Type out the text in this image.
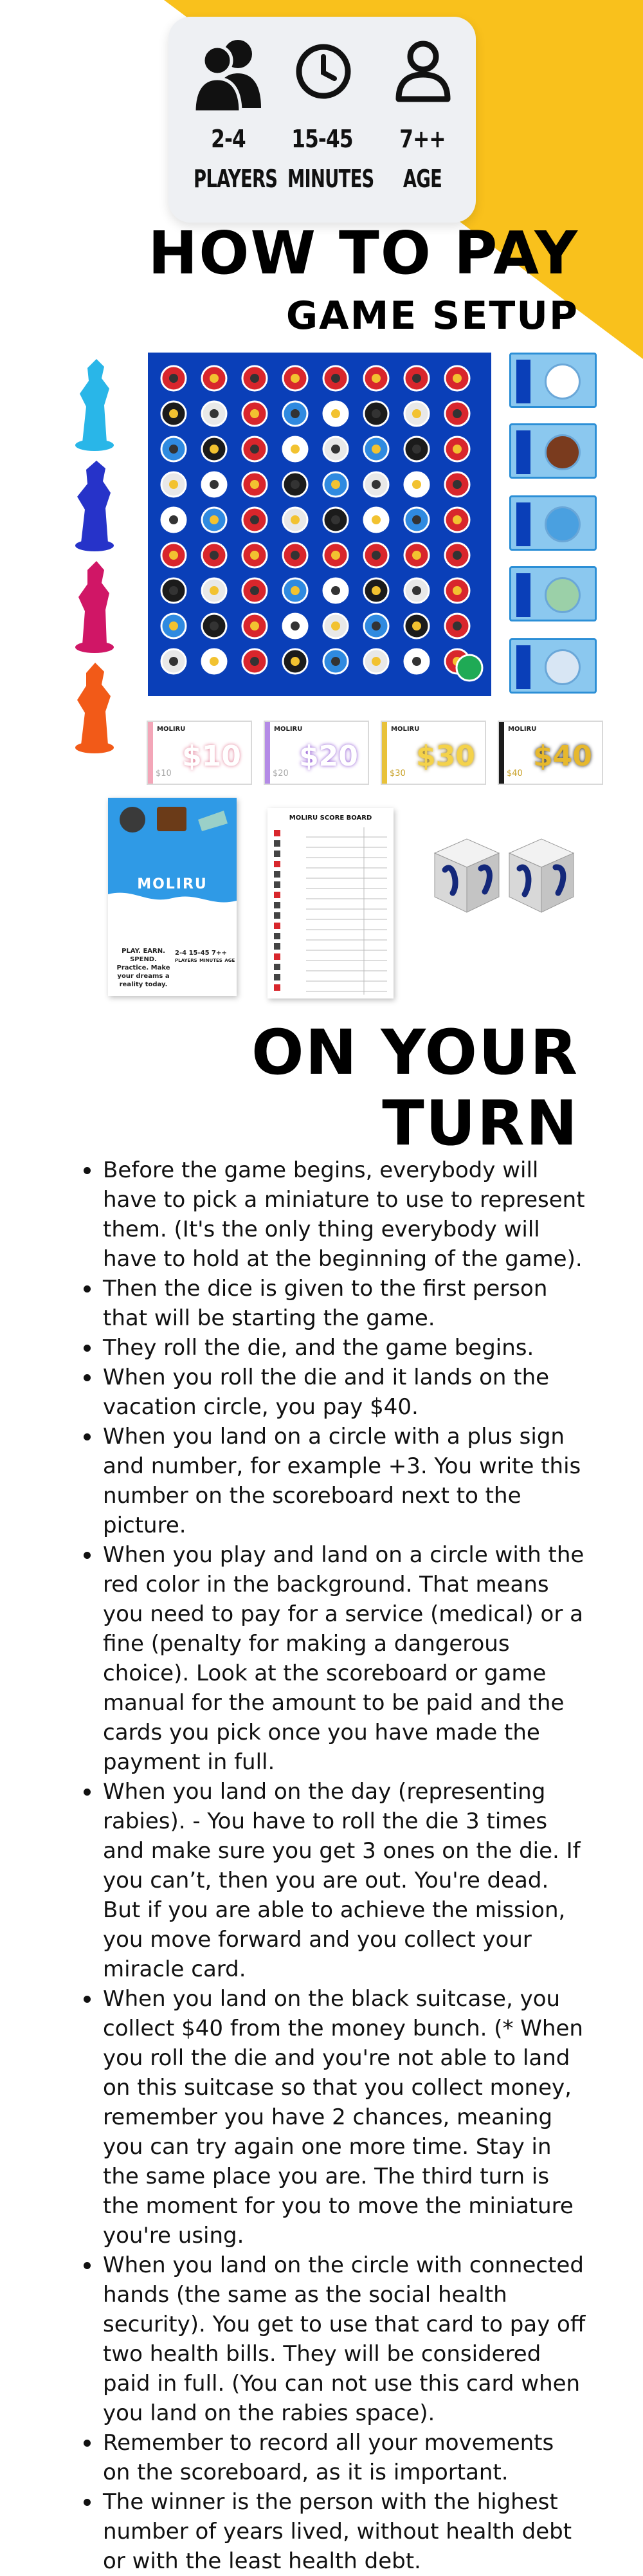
2-4	15-45	7++
PLAYERS MINUTES	AGE
HOW TO PAY
GAME SETUP
MOLIRU
$10
$10
MOLIRU
$20
$20
MOLIRU
$30
$30
MOLIRU
$40
$40
MOLIRU
PLAY. EARN. SPEND. Practice. Make your dreams a reality today.
2-4 15-45 7++
PLAYERS MINUTES AGE
MOLIRU SCORE BOARD
ON YOUR
TURN
Before the game begins, everybody will have to pick a miniature to use to represent them. (It's the only thing everybody will have to hold at the beginning of the game).
Then the dice is given to the first person that will be starting the game.
They roll the die, and the game begins.
When you roll the die and it lands on the vacation circle, you pay $40.
When you land on a circle with a plus sign and number, for example +3. You write this number on the scoreboard next to the picture.
When you play and land on a circle with the red color in the background. That means you need to pay for a service (medical) or a fine (penalty for making a dangerous choice). Look at the scoreboard or game manual for the amount to be paid and the cards you pick once you have made the payment in full.
When you land on the day (representing rabies). - You have to roll the die 3 times and make sure you get 3 ones on the die. If you can’t, then you are out. You're dead. But if you are able to achieve the mission, you move forward and you collect your miracle card.
When you land on the black suitcase, you collect $40 from the money bunch. (* When you roll the die and you're not able to land on this suitcase so that you collect money, remember you have 2 chances, meaning you can try again one more time. Stay in the same place you are. The third turn is the moment for you to move the miniature you're using.
When you land on the circle with connected hands (the same as the social health security). You get to use that card to pay off two health bills. They will be considered paid in full. (You can not use this card when you land on the rabies space).
Remember to record all your movements on the scoreboard, as it is important.
The winner is the person with the highest number of years lived, without health debt or with the least health debt.
